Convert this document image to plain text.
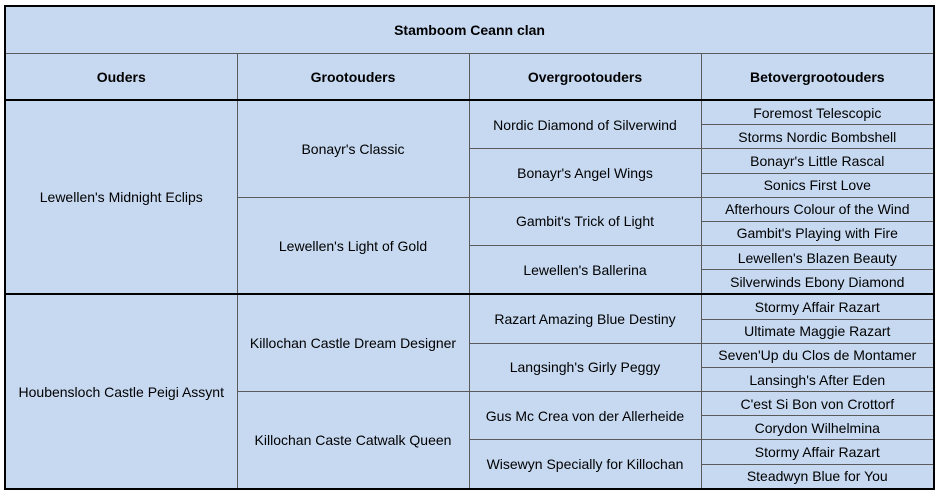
Stamboom Ceann clan			
Ouders	Grootouders	Overgrootouders	Betovergrootouders
Lewellen's Midnight Eclips	Bonayr's Classic	Nordic Diamond of Silverwind	Foremost Telescopic
			Storms Nordic Bombshell
		Bonayr's Angel Wings	Bonayr's Little Rascal
			Sonics First Love
	Lewellen's Light of Gold	Gambit's Trick of Light	Afterhours Colour of the Wind
			Gambit's Playing with Fire
		Lewellen's Ballerina	Lewellen's Blazen Beauty
			Silverwinds Ebony Diamond
Houbensloch Castle Peigi Assynt	Killochan Castle Dream Designer	Razart Amazing Blue Destiny	Stormy Affair Razart
			Ultimate Maggie Razart
		Langsingh's Girly Peggy	Seven'Up du Clos de Montamer
			Lansingh's After Eden
	Killochan Caste Catwalk Queen	Gus Mc Crea von der Allerheide	C'est Si Bon von Crottorf
			Corydon Wilhelmina
		Wisewyn Specially for Killochan	Stormy Affair Razart
			Steadwyn Blue for You
